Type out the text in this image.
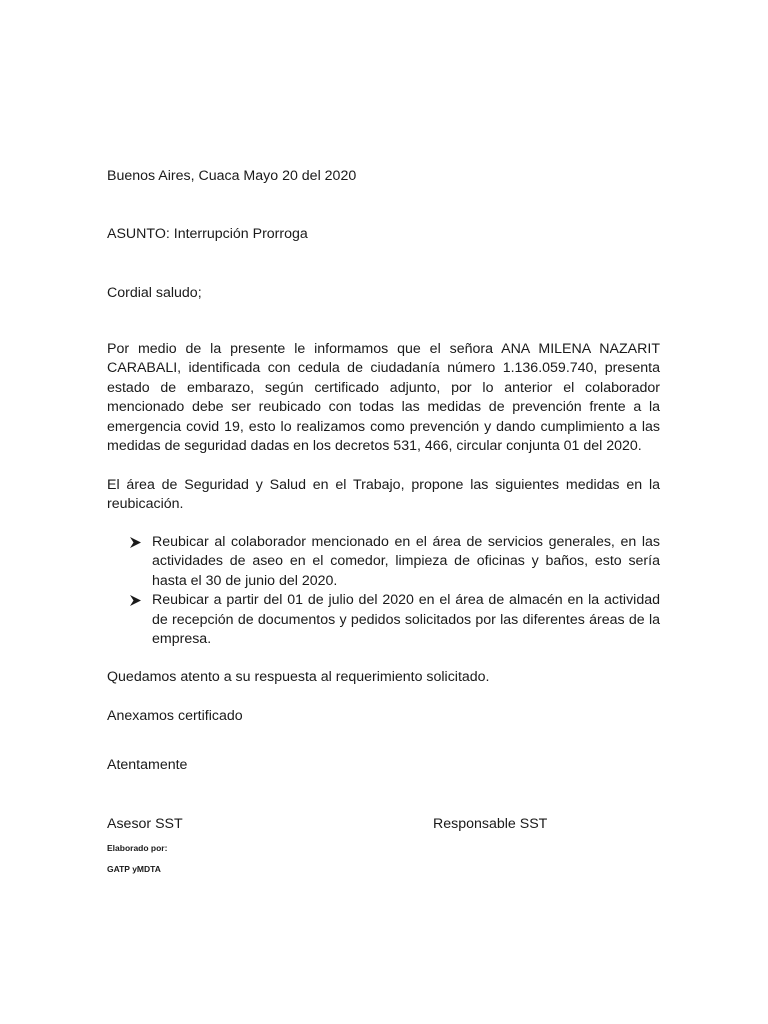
Buenos Aires, Cuaca Mayo 20 del 2020
ASUNTO: Interrupción Prorroga
Cordial saludo;
Por medio de la presente le informamos que el señora ANA MILENA NAZARIT CARABALI, identificada con cedula de ciudadanía número 1.136.059.740, presenta estado de embarazo, según certificado adjunto, por lo anterior el colaborador mencionado debe ser reubicado con todas las medidas de prevención frente a la emergencia covid 19, esto lo realizamos como prevención y dando cumplimiento a las medidas de seguridad dadas en los decretos 531, 466, circular conjunta 01 del 2020.
El área de Seguridad y Salud en el Trabajo, propone las siguientes medidas en la reubicación.
Reubicar al colaborador mencionado en el área de servicios generales, en las actividades de aseo en el comedor, limpieza de oficinas y baños, esto sería hasta el 30 de junio del 2020.
Reubicar a partir del 01 de julio del 2020 en el área de almacén en la actividad de recepción de documentos y pedidos solicitados por las diferentes áreas de la empresa.
Quedamos atento a su respuesta al requerimiento solicitado.
Anexamos certificado
Atentamente
Asesor SST	Responsable SST
Elaborado por:
GATP yMDTA
